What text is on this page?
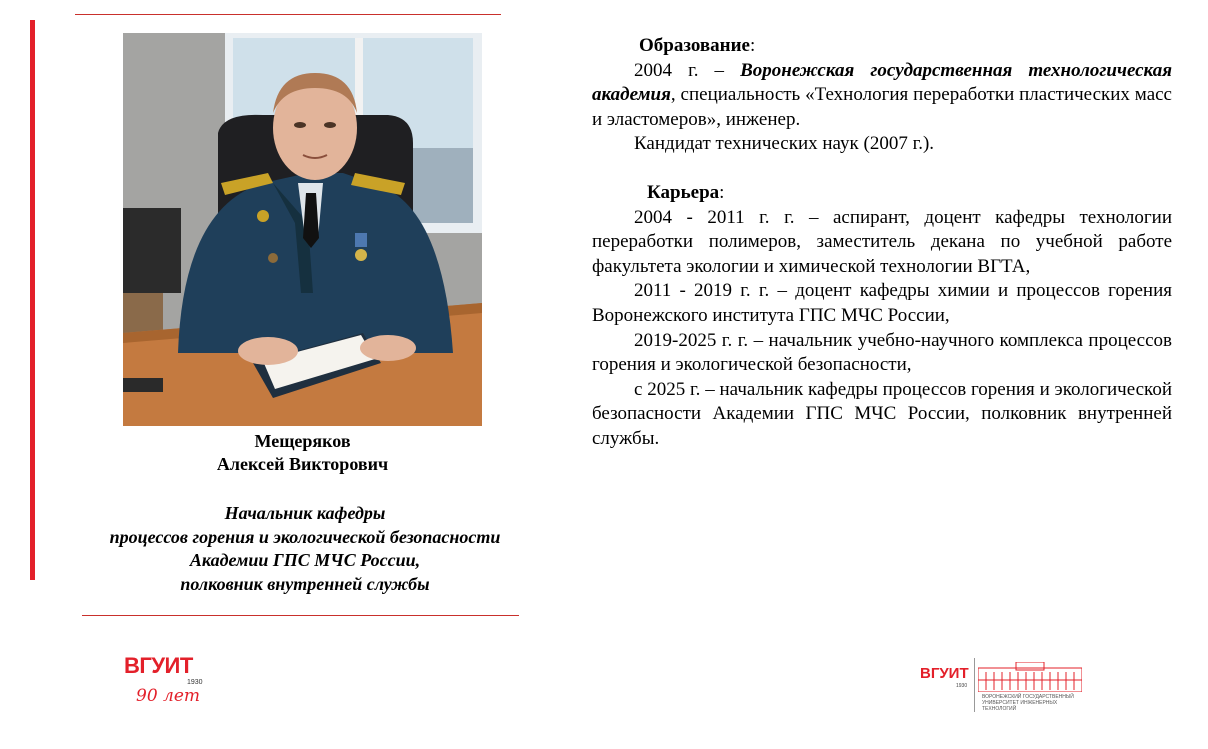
Мещеряков
Алексей Викторович
Начальник кафедры
процессов горения и экологической безопасности
Академии ГПС МЧС России,
полковник внутренней службы
Образование:

2004 г. – Воронежская государственная технологическая академия, специальность «Технология переработки пластических масс и эластомеров», инженер.

Кандидат технических наук (2007 г.).

Карьера:

2004 - 2011 г. г. – аспирант, доцент кафедры технологии переработки полимеров, заместитель декана по учебной работе факультета экологии и химической технологии ВГТА,

2011 - 2019 г. г. – доцент кафедры химии и процессов горения Воронежского института ГПС МЧС России,

2019-2025 г. г. – начальник учебно-научного комплекса процессов горения и экологической безопасности,

с 2025 г. – начальник кафедры процессов горения и экологической безопасности Академии ГПС МЧС России, полковник внутренней службы.

ВГУИТ
1930
90 лет
ВГУИТ
1930
ВОРОНЕЖСКИЙ ГОСУДАРСТВЕННЫЙ
УНИВЕРСИТЕТ ИНЖЕНЕРНЫХ
ТЕХНОЛОГИЙ
